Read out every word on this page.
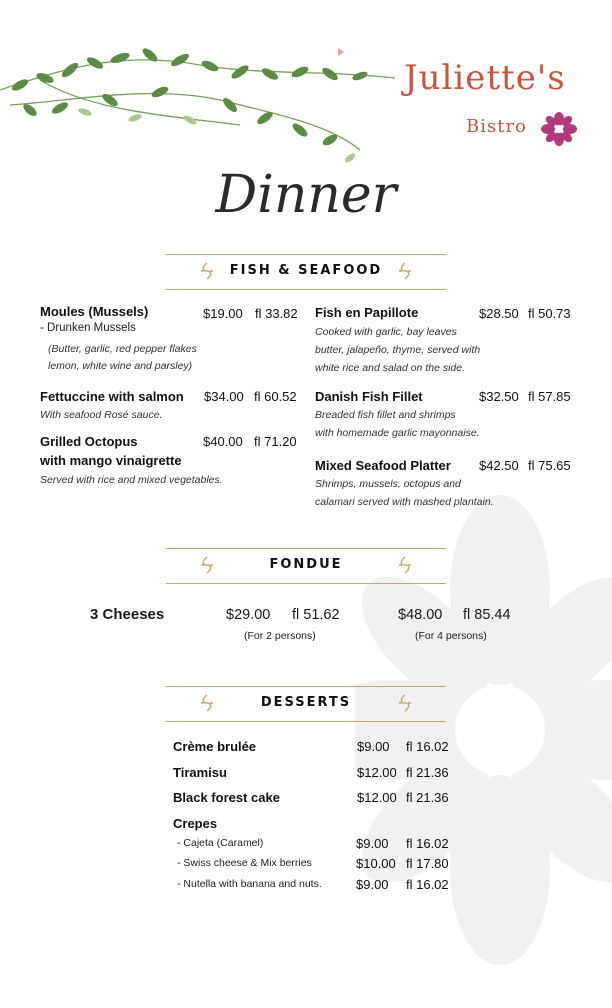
Juliette's
Bistro
Dinner
FISH & SEAFOOD
Moules (Mussels)	$19.00 fl 33.82
- Drunken Mussels
(Butter, garlic, red pepper flakes
lemon, white wine and parsley)
Fettuccine with salmon $34.00 fl 60.52
With seafood Rosé sauce.
Grilled Octopus
with mango vinaigrette
$40.00 fl 71.20
Served with rice and mixed vegetables.
Fish en Papillote	$28.50 fl 50.73
Cooked with garlic, bay leaves
butter, jalapeño, thyme, served with
white rice and salad on the side.
Danish Fish Fillet	$32.50 fl 57.85
Breaded fish fillet and shrimps
with homemade garlic mayonnaise.
Mixed Seafood Platter $42.50 fl 75.65
Shrimps, mussels, octopus and
calamari served with mashed plantain.
FONDUE
3 Cheeses	$29.00 fl 51.62
(For 2 persons)
$48.00 fl 85.44
(For 4 persons)
DESSERTS
Crème brulée	$9.00 fl 16.02
Tiramisu	$12.00 fl 21.36
Black forest cake	$12.00 fl 21.36
Crepes
- Cajeta (Caramel)	$9.00 fl 16.02
- Swiss cheese & Mix berries	$10.00 fl 17.80
- Nutella with banana and nuts.	$9.00 fl 16.02
